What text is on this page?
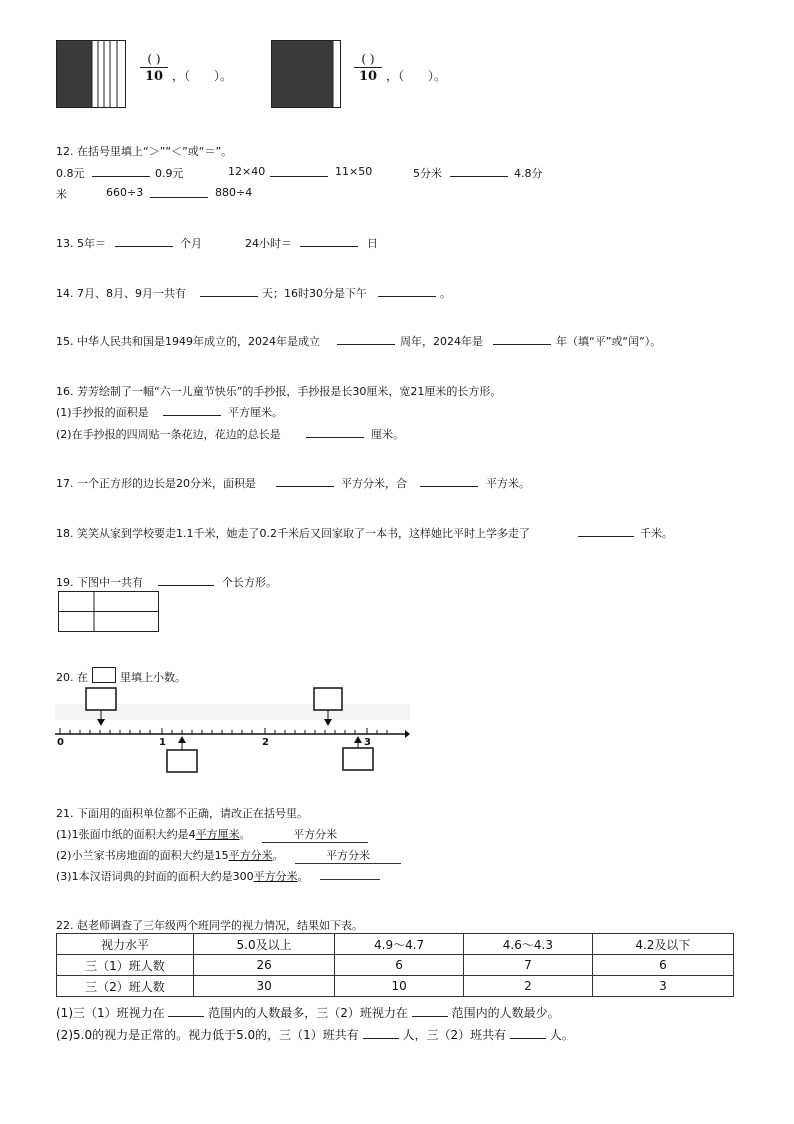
( )
10 ，（　　）。
( )
10 ，（　　）。
12. 在括号里填上“＞”“＜”或“＝”。
0.8元	0.9元	12×40	11×50	5分米	4.8分
米	660÷3	880÷4
13. 5年＝	个月	24小时＝	日
14. 7月、8月、9月一共有	天；16时30分是下午	。
15. 中华人民共和国是1949年成立的，2024年是成立	周年，2024年是	年（填“平”或“闰”）。
16. 芳芳绘制了一幅“六一儿童节快乐”的手抄报，手抄报是长30厘米，宽21厘米的长方形。
(1)手抄报的面积是	平方厘米。
(2)在手抄报的四周贴一条花边，花边的总长是	厘米。
17. 一个正方形的边长是20分米，面积是	平方分米，合	平方米。
18. 笑笑从家到学校要走1.1千米，她走了0.2千米后又回家取了一本书，这样她比平时上学多走了	千米。
19. 下图中一共有	个长方形。
20. 在	里填上小数。
0	1	2	3
21. 下面用的面积单位都不正确，请改正在括号里。
(1)1张面巾纸的面积大约是4平方厘米。	平方分米
(2)小兰家书房地面的面积大约是15平方分米。	平方分米
(3)1本汉语词典的封面的面积大约是300平方分米。
22. 赵老师调查了三年级两个班同学的视力情况，结果如下表。
视力水平	5.0及以上	4.9～4.7	4.6～4.3	4.2及以下
三（1）班人数	26	6	7	6
三（2）班人数	30	10	2	3
(1)三（1）班视力在	范围内的人数最多，三（2）班视力在	范围内的人数最少。
(2)5.0的视力是正常的。视力低于5.0的，三（1）班共有	人，三（2）班共有	人。
